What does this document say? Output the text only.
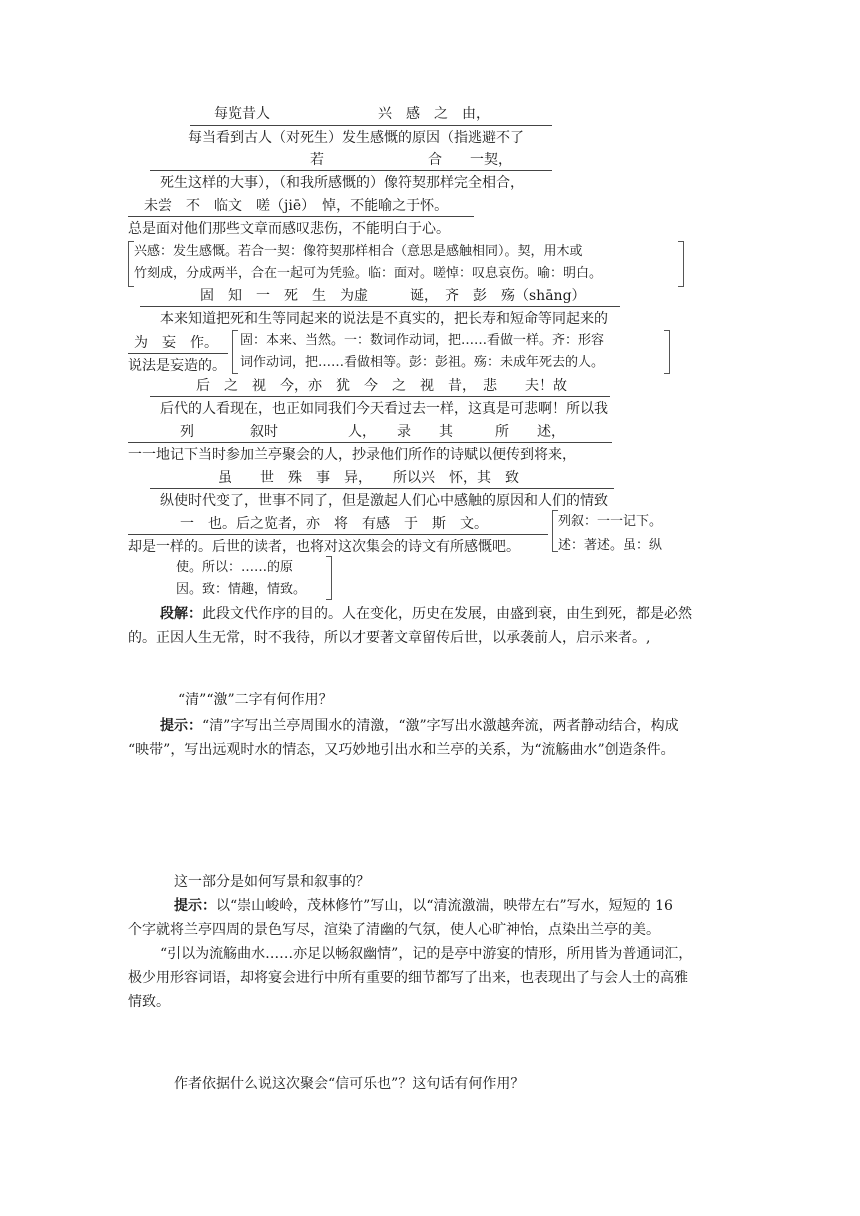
每览昔人	兴　感　之　由，
每当看到古人（对死生）发生感慨的原因（指逃避不了
若	合　　一契，
死生这样的大事），（和我所感慨的）像符契那样完全相合，
未尝　不　临文　嗟（jiē）　悼，不能喻之于怀。
总是面对他们那些文章而感叹悲伤，不能明白于心。
兴感：发生感慨。若合一契：像符契那样相合（意思是感触相同）。契，用木或
竹刻成，分成两半，合在一起可为凭验。临：面对。嗟悼：叹息哀伤。喻：明白。
固　知　一　死　生　为虚　　　诞，　齐　彭　殇（shāng）
本来知道把死和生等同起来的说法是不真实的，把长寿和短命等同起来的
为　妄　作。
说法是妄造的。
固：本来、当然。一：数词作动词，把……看做一样。齐：形容
词作动词，把……看做相等。彭：彭祖。殇：未成年死去的人。
后　之　视　今，亦　犹　今　之　视　昔，　悲　　夫！故
后代的人看现在，也正如同我们今天看过去一样，这真是可悲啊！所以我
列　　　　叙时　　　　　人，　　录　　其　　　所　　述，
一一地记下当时参加兰亭聚会的人，抄录他们所作的诗赋以便传到将来，
虽　　世　殊　事　异，　　所以兴　怀，其　致
纵使时代变了，世事不同了，但是激起人们心中感触的原因和人们的情致
一　也。后之览者，亦　将　有感　于　斯　文。
却是一样的。后世的读者，也将对这次集会的诗文有所感慨吧。
列叙：一一记下。
述：著述。虽：纵
使。所以：……的原
因。致：情趣，情致。
段解：此段文代作序的目的。人在变化，历史在发展，由盛到衰，由生到死，都是必然
的。正因人生无常，时不我待，所以才要著文章留传后世，以承袭前人，启示来者。,
“清”“激”二字有何作用？
提示：“清”字写出兰亭周围水的清激，“激”字写出水激越奔流，两者静动结合，构成
“映带”，写出远观时水的情态，又巧妙地引出水和兰亭的关系，为“流觞曲水”创造条件。
这一部分是如何写景和叙事的？
提示：以“崇山峻岭，茂林修竹”写山，以“清流激湍，映带左右”写水，短短的 16
个字就将兰亭四周的景色写尽，渲染了清幽的气氛，使人心旷神怡，点染出兰亭的美。
“引以为流觞曲水……亦足以畅叙幽情”，记的是亭中游宴的情形，所用皆为普通词汇，
极少用形容词语，却将宴会进行中所有重要的细节都写了出来，也表现出了与会人士的高雅
情致。
作者依据什么说这次聚会“信可乐也”？这句话有何作用？
